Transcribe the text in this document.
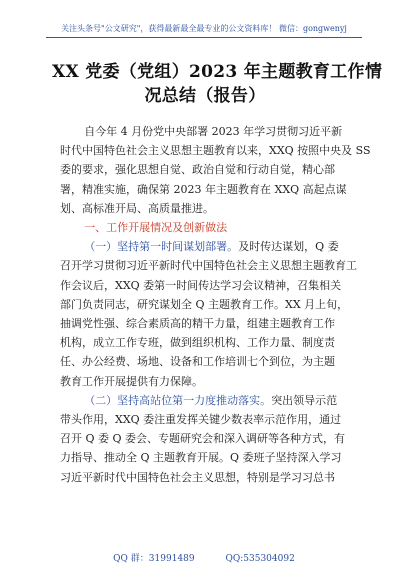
关注头条号"公文研究"，获得最新最全最专业的公文资料库！ 微信：gongwenyj
XX 党委（党组）2023 年主题教育工作情
况总结（报告）

自今年 4 月份党中央部署 2023 年学习贯彻习近平新
时代中国特色社会主义思想主题教育以来，XXQ 按照中央及 SS
委的要求，强化思想自觉、政治自觉和行动自觉，精心部
署，精准实施，确保第 2023 年主题教育在 XXQ 高起点谋
划、高标准开局、高质量推进。

一、工作开展情况及创新做法

（一）坚持第一时间谋划部署。及时传达谋划，Q 委
召开学习贯彻习近平新时代中国特色社会主义思想主题教育工
作会议后，XXQ 委第一时间传达学习会议精神，召集相关
部门负责同志，研究谋划全 Q 主题教育工作。XX 月上旬，
抽调党性强、综合素质高的精干力量，组建主题教育工作
机构，成立工作专班，做到组织机构、工作力量、制度责
任、办公经费、场地、设备和工作培训七个到位，为主题
教育工作开展提供有力保障。

（二）坚持高站位第一力度推动落实。突出领导示范
带头作用，XXQ 委注重发挥关键少数表率示范作用，通过
召开 Q 委 Q 委会、专题研究会和深入调研等各种方式，有
力指导、推动全 Q 主题教育开展。Q 委班子坚持深入学习
习近平新时代中国特色社会主义思想，特别是学习习总书

QQ 群：31991489	QQ:535304092
